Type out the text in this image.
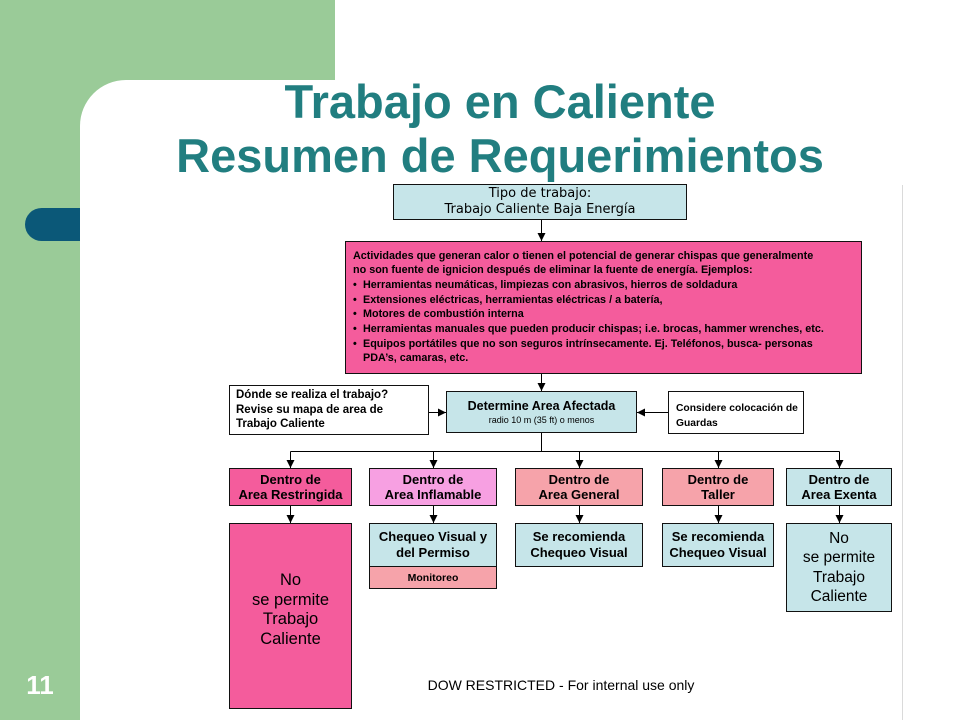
Trabajo en Caliente
Resumen de Requerimientos
Tipo de trabajo:
Trabajo Caliente Baja Energía
Actividades que generan calor o tienen el potencial de generar chispas que generalmente
no son fuente de ignicion después de eliminar la fuente de energía. Ejemplos:
• Herramientas neumáticas, limpiezas con abrasivos, hierros de soldadura
• Extensiones eléctricas, herramientas eléctricas / a batería,
• Motores de combustión interna
• Herramientas manuales que pueden producir chispas; i.e. brocas, hammer wrenches, etc.
• Equipos portátiles que no son seguros intrínsecamente. Ej. Teléfonos, busca- personas
PDA’s, camaras, etc.
Dónde se realiza el trabajo?
Revise su mapa de area de
Trabajo Caliente
Determine Area Afectada
radio 10 m (35 ft) o menos
Considere colocación de
Guardas
Dentro de
Area Restringida
Dentro de
Area Inflamable
Dentro de
Area General
Dentro de
Taller
Dentro de
Area Exenta
No
se permite
Trabajo
Caliente
Chequeo Visual y
del Permiso
Monitoreo
Se recomienda
Chequeo Visual
Se recomienda
Chequeo Visual
No
se permite
Trabajo
Caliente
11	DOW RESTRICTED - For internal use only
